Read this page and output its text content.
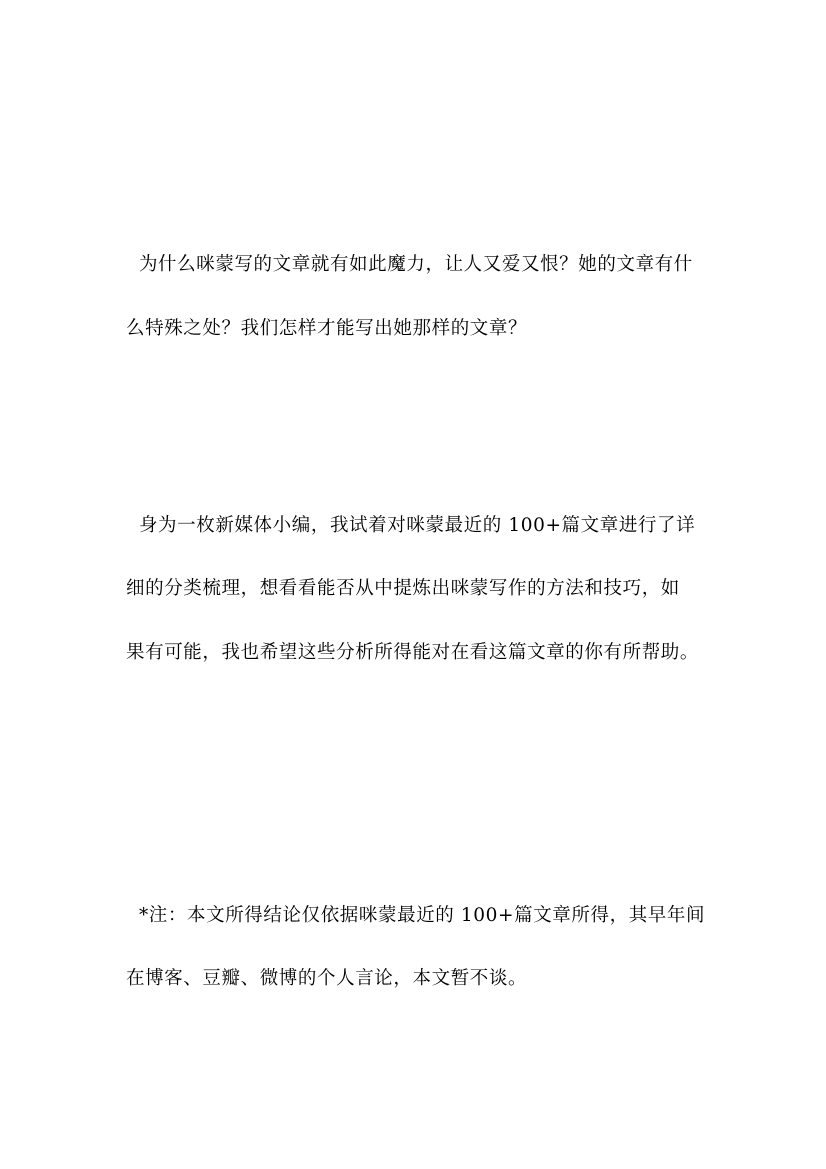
为什么咪蒙写的文章就有如此魔力，让人又爱又恨？她的文章有什
么特殊之处？我们怎样才能写出她那样的文章？
身为一枚新媒体小编，我试着对咪蒙最近的 100+篇文章进行了详
细的分类梳理，想看看能否从中提炼出咪蒙写作的方法和技巧，如
果有可能，我也希望这些分析所得能对在看这篇文章的你有所帮助。
*注：本文所得结论仅依据咪蒙最近的 100+篇文章所得，其早年间
在博客、豆瓣、微博的个人言论，本文暂不谈。
